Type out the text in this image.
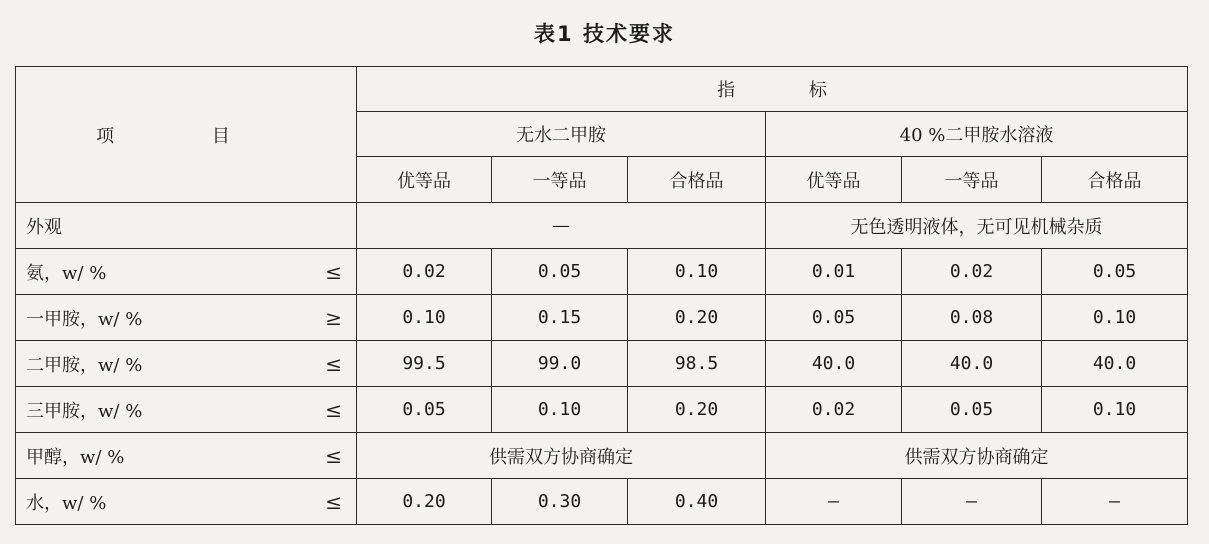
表1 技术要求
项 目	指 标					
	无水二甲胺			40 %二甲胺水溶液		
	优等品	一等品	合格品	优等品	一等品	合格品

外观	—			无色透明液体，无可见机械杂质		

氨，w/ % ≤	0.02	0.05	0.10	0.01	0.02	0.05

一甲胺，w/ % ≥	0.10	0.15	0.20	0.05	0.08	0.10

二甲胺，w/ % ≤	99.5	99.0	98.5	40.0	40.0	40.0

三甲胺，w/ % ≤	0.05	0.10	0.20	0.02	0.05	0.10

甲醇，w/ % ≤	供需双方协商确定			供需双方协商确定		

水，w/ % ≤	0.20	0.30	0.40	—	—	—
